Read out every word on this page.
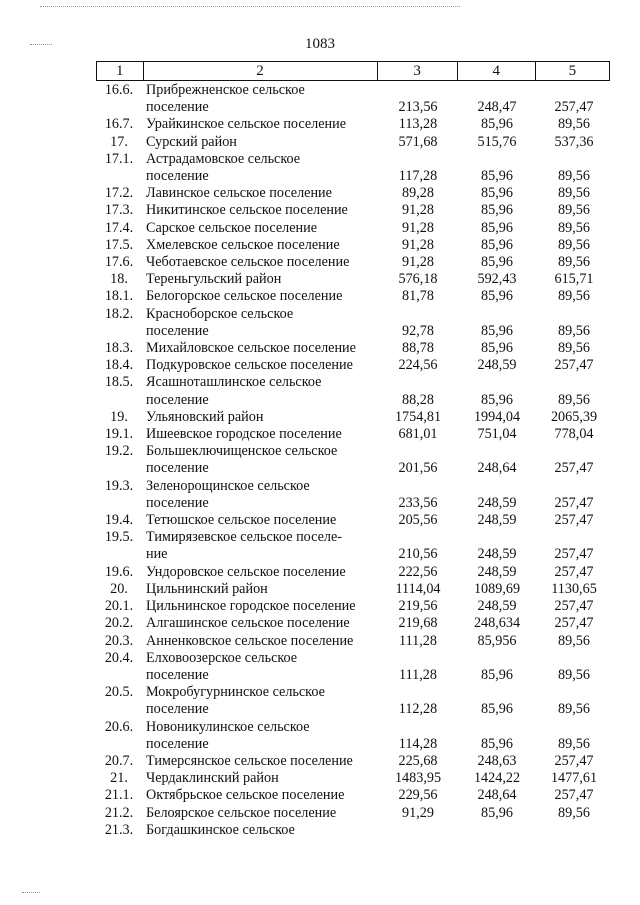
1083
1	2	3	4	5
16.6. Прибрежненское сельское
поселение	213,56	248,47	257,47
16.7. Урайкинское сельское поселение	113,28	85,96	89,56
17.	Сурский район	571,68	515,76	537,36
17.1. Астрадамовское сельское
поселение	117,28	85,96	89,56
17.2. Лавинское сельское поселение	89,28	85,96	89,56
17.3. Никитинское сельское поселение	91,28	85,96	89,56
17.4. Сарское сельское поселение	91,28	85,96	89,56
17.5. Хмелевское сельское поселение	91,28	85,96	89,56
17.6. Чеботаевское сельское поселение	91,28	85,96	89,56
18.	Тереньгульский район	576,18	592,43	615,71
18.1. Белогорское сельское поселение	81,78	85,96	89,56
18.2. Красноборское сельское
поселение	92,78	85,96	89,56
18.3. Михайловское сельское поселение	88,78	85,96	89,56
18.4. Подкуровское сельское поселение	224,56	248,59	257,47
18.5. Ясашноташлинское сельское
поселение	88,28	85,96	89,56
19.	Ульяновский район	1754,81	1994,04	2065,39
19.1. Ишеевское городское поселение	681,01	751,04	778,04
19.2. Большеключищенское сельское
поселение	201,56	248,64	257,47
19.3. Зеленорощинское сельское
поселение	233,56	248,59	257,47
19.4. Тетюшское сельское поселение	205,56	248,59	257,47
19.5. Тимирязевское сельское поселе-
ние	210,56	248,59	257,47
19.6. Ундоровское сельское поселение	222,56	248,59	257,47
20.	Цильнинский район	1114,04	1089,69	1130,65
20.1. Цильнинское городское поселение	219,56	248,59	257,47
20.2. Алгашинское сельское поселение	219,68	248,634	257,47
20.3. Анненковское сельское поселение	111,28	85,956	89,56
20.4. Елховоозерское сельское
поселение	111,28	85,96	89,56
20.5. Мокробугурнинское сельское
поселение	112,28	85,96	89,56
20.6. Новоникулинское сельское
поселение	114,28	85,96	89,56
20.7. Тимерсянское сельское поселение	225,68	248,63	257,47
21.	Чердаклинский район	1483,95	1424,22	1477,61
21.1. Октябрьское сельское поселение	229,56	248,64	257,47
21.2. Белоярское сельское поселение	91,29	85,96	89,56
21.3. Богдашкинское сельское
